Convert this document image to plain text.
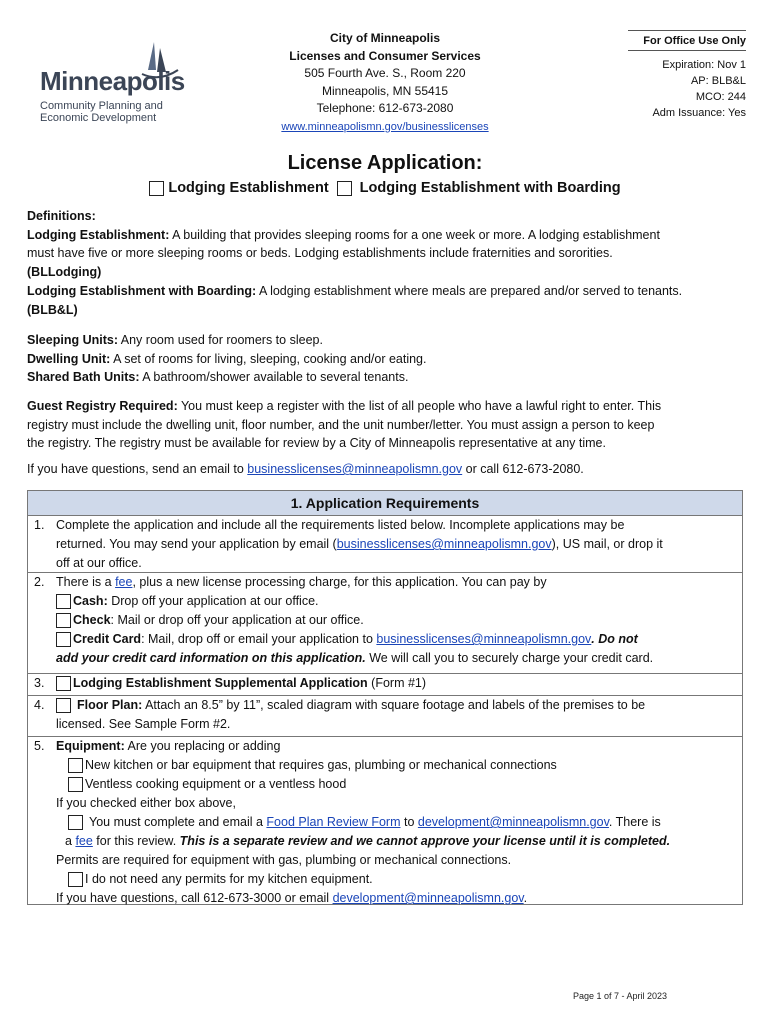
Minneapolis
Community Planning and
Economic Development
City of Minneapolis
Licenses and Consumer Services
505 Fourth Ave. S., Room 220
Minneapolis, MN 55415
Telephone: 612-673-2080
www.minneapolismn.gov/businesslicenses
For Office Use Only
Expiration: Nov 1
AP: BLB&L
MCO: 244
Adm Issuance: Yes
License Application:
Lodging Establishment Lodging Establishment with Boarding
Definitions:
Lodging Establishment: A building that provides sleeping rooms for a one week or more. A lodging establishment
must have five or more sleeping rooms or beds. Lodging establishments include fraternities and sororities.
(BLLodging)
Lodging Establishment with Boarding: A lodging establishment where meals are prepared and/or served to tenants.
(BLB&L)
Sleeping Units: Any room used for roomers to sleep.
Dwelling Unit: A set of rooms for living, sleeping, cooking and/or eating.
Shared Bath Units: A bathroom/shower available to several tenants.
Guest Registry Required: You must keep a register with the list of all people who have a lawful right to enter. This
registry must include the dwelling unit, floor number, and the unit number/letter. You must assign a person to keep
the registry. The registry must be available for review by a City of Minneapolis representative at any time.
If you have questions, send an email to businesslicenses@minneapolismn.gov or call 612-673-2080.
1. Application Requirements
1. Complete the application and include all the requirements listed below. Incomplete applications may be
returned. You may send your application by email (businesslicenses@minneapolismn.gov), US mail, or drop it
off at our office.
2. There is a fee, plus a new license processing charge, for this application. You can pay by
Cash: Drop off your application at our office.
Check: Mail or drop off your application at our office.
Credit Card: Mail, drop off or email your application to businesslicenses@minneapolismn.gov. Do not
add your credit card information on this application. We will call you to securely charge your credit card.
3.	Lodging Establishment Supplemental Application (Form #1)
4.	Floor Plan: Attach an 8.5” by 11”, scaled diagram with square footage and labels of the premises to be
licensed. See Sample Form #2.
5. Equipment: Are you replacing or adding
New kitchen or bar equipment that requires gas, plumbing or mechanical connections
Ventless cooking equipment or a ventless hood
If you checked either box above,
You must complete and email a Food Plan Review Form to development@minneapolismn.gov. There is
a fee for this review. This is a separate review and we cannot approve your license until it is completed.
Permits are required for equipment with gas, plumbing or mechanical connections.
I do not need any permits for my kitchen equipment.
If you have questions, call 612-673-3000 or email development@minneapolismn.gov.
Page 1 of 7 - April 2023
